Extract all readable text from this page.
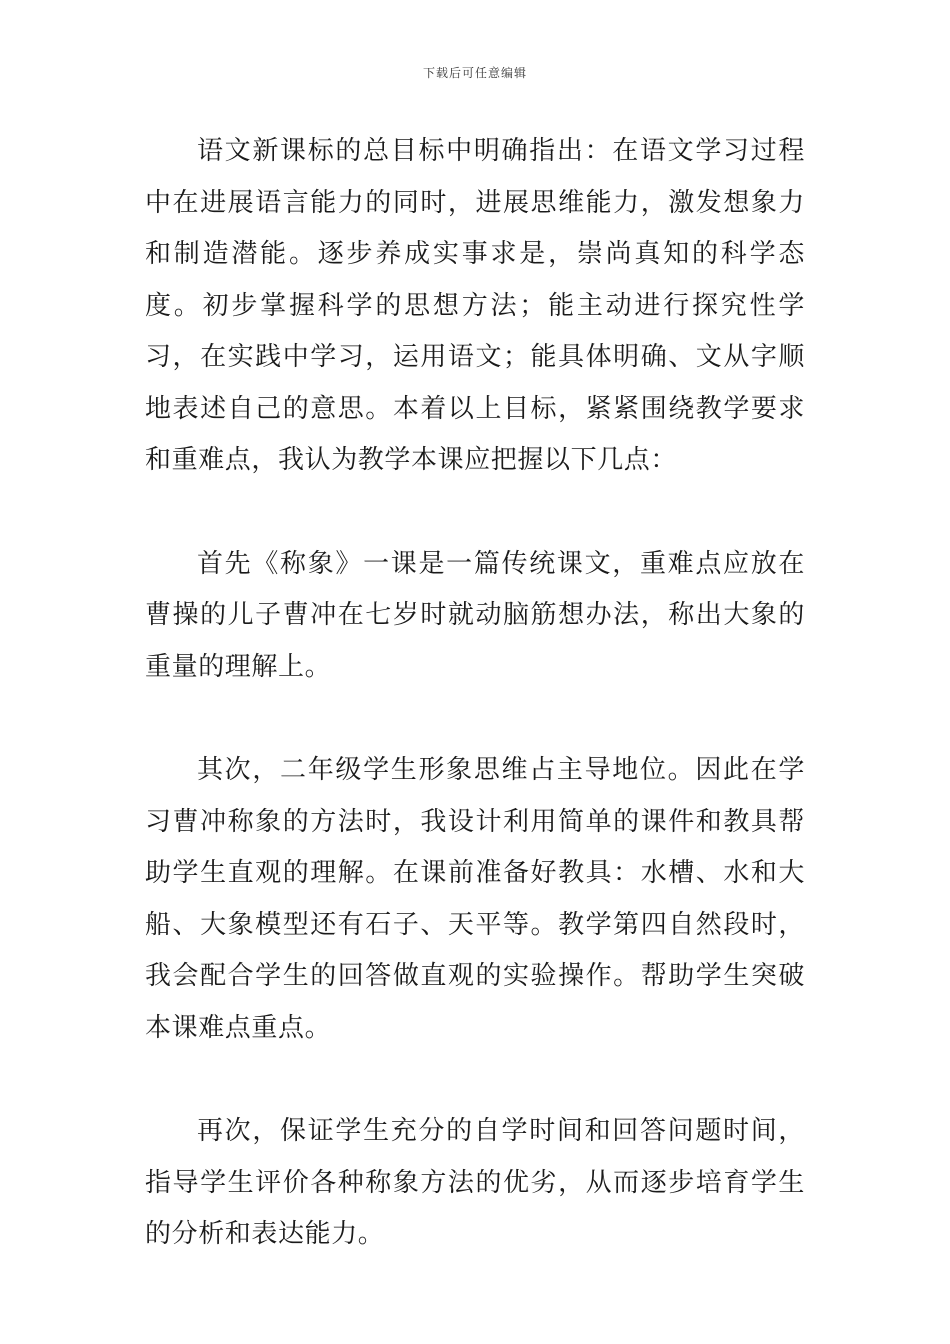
下载后可任意编辑

语文新课标的总目标中明确指出：在语文学习过程中在进展语言能力的同时，进展思维能力，激发想象力和制造潜能。逐步养成实事求是，崇尚真知的科学态度。初步掌握科学的思想方法；能主动进行探究性学习，在实践中学习，运用语文；能具体明确、文从字顺地表述自己的意思。本着以上目标，紧紧围绕教学要求和重难点，我认为教学本课应把握以下几点：

首先《称象》一课是一篇传统课文，重难点应放在曹操的儿子曹冲在七岁时就动脑筋想办法，称出大象的重量的理解上。

其次，二年级学生形象思维占主导地位。因此在学习曹冲称象的方法时，我设计利用简单的课件和教具帮助学生直观的理解。在课前准备好教具：水槽、水和大船、大象模型还有石子、天平等。教学第四自然段时，我会配合学生的回答做直观的实验操作。帮助学生突破本课难点重点。

再次，保证学生充分的自学时间和回答问题时间，指导学生评价各种称象方法的优劣，从而逐步培育学生的分析和表达能力。
